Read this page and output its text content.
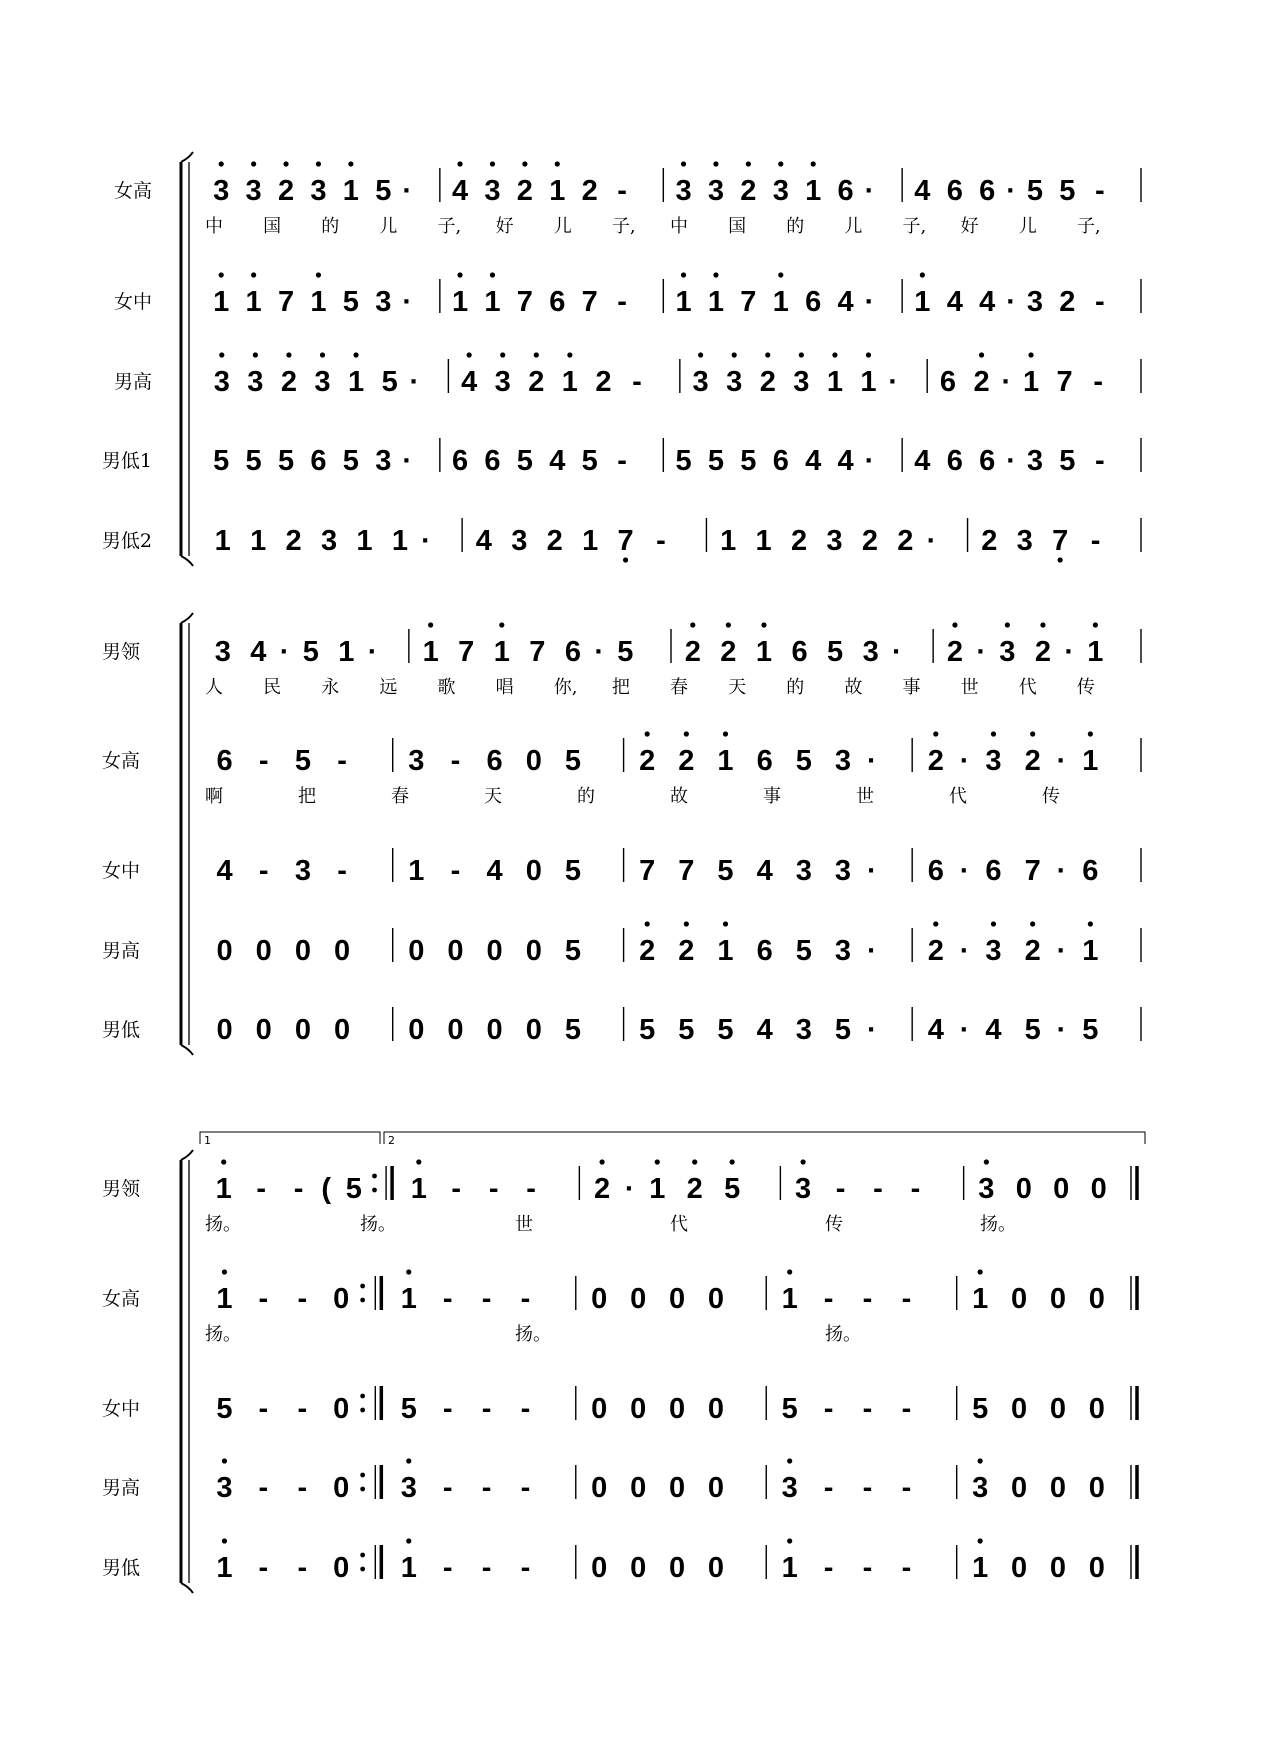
女高 3 3 2 3 1 5 · 4 3 2 1 2 - 3 3 2 3 1 6 · 4 6 6 · 5 5 -
中 国 的 儿 子, 好 儿 子, 中 国 的 儿 子, 好 儿 子,
女中 1 1 7 1 5 3 · 1 1 7 6 7 - 1 1 7 1 6 4 · 1 4 4 · 3 2 -
男高 3 3 2 3 1 5 · 4 3 2 1 2 - 3 3 2 3 1 1 · 6 2 · 1 7 -
男低1 5 5 5 6 5 3 · 6 6 5 4 5 - 5 5 5 6 4 4 · 4 6 6 · 3 5 -
男低2 1 1 2 3 1 1 · 4 3 2 1 7 - 1 1 2 3 2 2 · 2 3 7 -
男领	3 4 · 5 1 · 1 7 1 7 6 · 5 2 2 1 6 5 3 · 2 · 3 2 · 1
人 民 永 远 歌 唱 你, 把 春 天 的 故 事 世 代 传
女高	6 - 5 - 3 - 6 0 5 2 2 1 6 5 3 · 2 · 3 2 · 1
啊	把	春	天	的	故	事	世	代	传
女中	4 - 3 - 1 - 4 0 5 7 7 5 4 3 3 · 6 · 6 7 · 6
男高	0 0 0 0 0 0 0 0 5 2 2 1 6 5 3 · 2 · 3 2 · 1
男低	0 0 0 0 0 0 0 0 5 5 5 5 4 3 5 · 4 · 4 5 · 5
1	2
男领	1 - - ( 5 1 - - - 2 · 1 2 5 3 - - - 3 0 0 0
扬。	扬。	世	代	传	扬。
女高	1 - - 0 1 - - - 0 0 0 0 1 - - - 1 0 0 0
扬。	扬。	扬。
女中	5 - - 0 5 - - - 0 0 0 0 5 - - - 5 0 0 0
男高	3 - - 0 3 - - - 0 0 0 0 3 - - - 3 0 0 0
男低	1 - - 0 1 - - - 0 0 0 0 1 - - - 1 0 0 0
